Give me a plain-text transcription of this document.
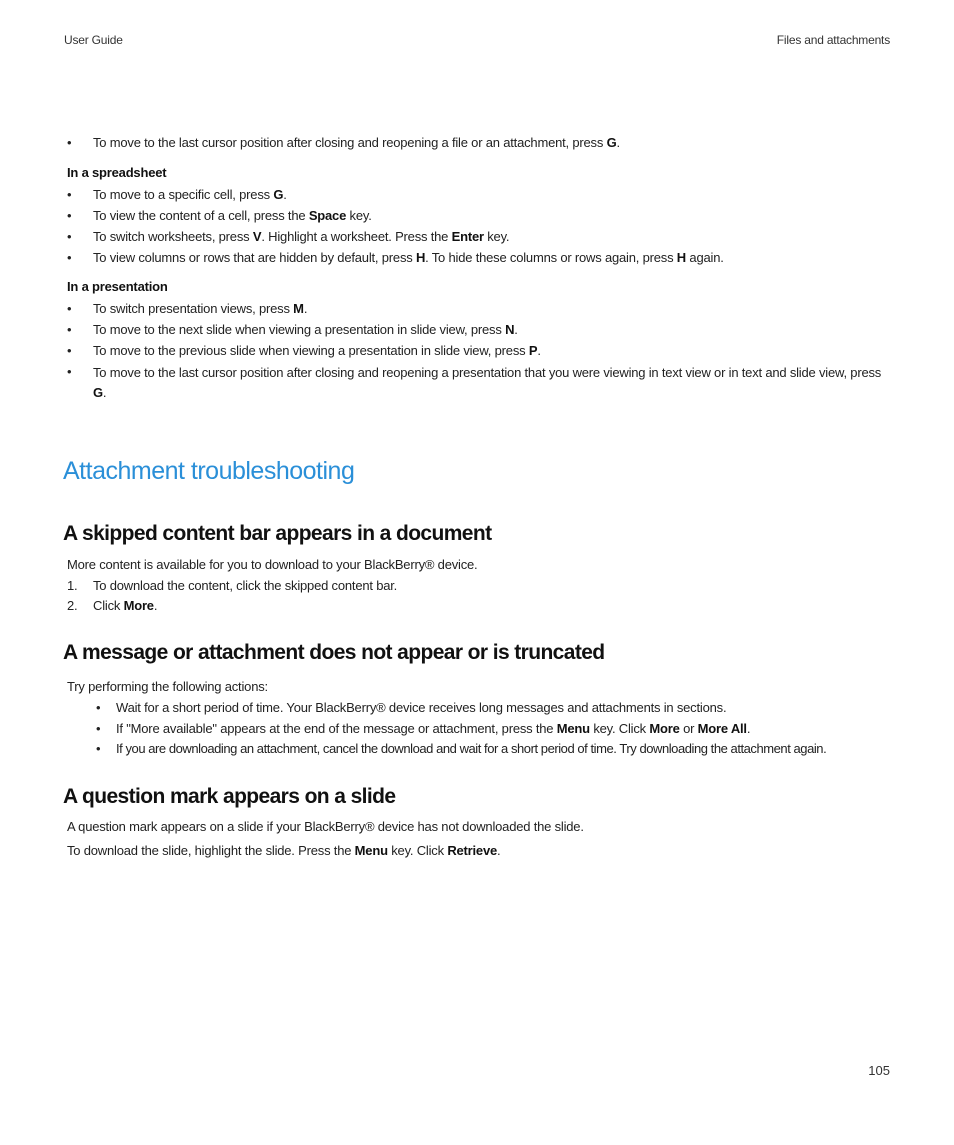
User Guide	Files and attachments
• To move to the last cursor position after closing and reopening a file or an attachment, press G.
In a spreadsheet
• To move to a specific cell, press G.
• To view the content of a cell, press the Space key.
• To switch worksheets, press V. Highlight a worksheet. Press the Enter key.
• To view columns or rows that are hidden by default, press H. To hide these columns or rows again, press H again.
In a presentation
• To switch presentation views, press M.
• To move to the next slide when viewing a presentation in slide view, press N.
• To move to the previous slide when viewing a presentation in slide view, press P.
• To move to the last cursor position after closing and reopening a presentation that you were viewing in text view or in text and slide view, press G.
Attachment troubleshooting
A skipped content bar appears in a document
More content is available for you to download to your BlackBerry® device.
1. To download the content, click the skipped content bar.
2. Click More.
A message or attachment does not appear or is truncated
Try performing the following actions:
• Wait for a short period of time. Your BlackBerry® device receives long messages and attachments in sections.
• If "More available" appears at the end of the message or attachment, press the Menu key. Click More or More All.
• If you are downloading an attachment, cancel the download and wait for a short period of time. Try downloading the attachment again.
A question mark appears on a slide
A question mark appears on a slide if your BlackBerry® device has not downloaded the slide.
To download the slide, highlight the slide. Press the Menu key. Click Retrieve.
105
